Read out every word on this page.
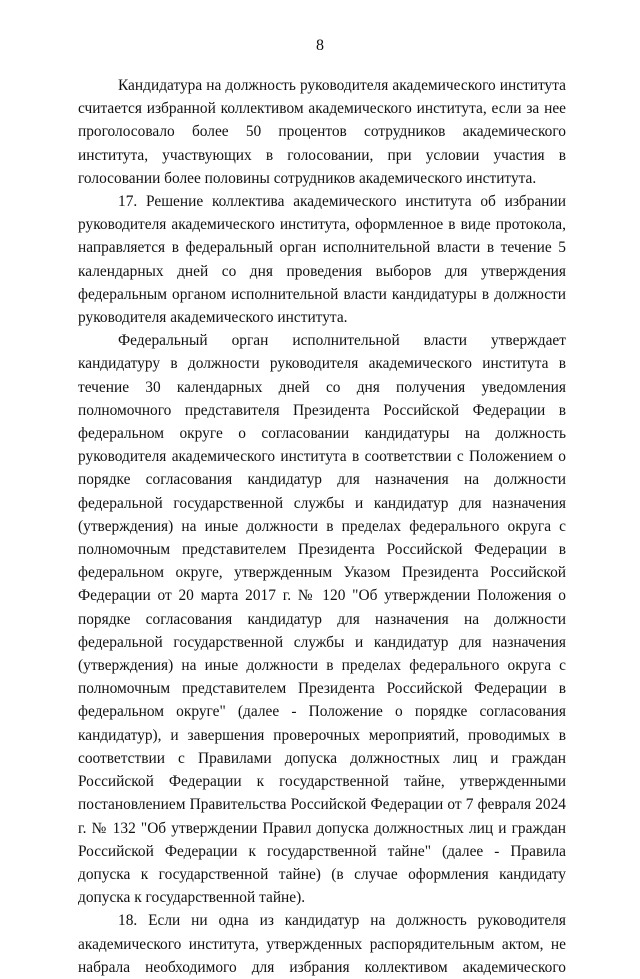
8

Кандидатура на должность руководителя академического института считается избранной коллективом академического института, если за нее проголосовало более 50 процентов сотрудников академического института, участвующих в голосовании, при условии участия в голосовании более половины сотрудников академического института.

17. Решение коллектива академического института об избрании руководителя академического института, оформленное в виде протокола, направляется в федеральный орган исполнительной власти в течение 5 календарных дней со дня проведения выборов для утверждения федеральным органом исполнительной власти кандидатуры в должности руководителя академического института.

Федеральный орган исполнительной власти утверждает кандидатуру в должности руководителя академического института в течение 30 календарных дней со дня получения уведомления полномочного представителя Президента Российской Федерации в федеральном округе о согласовании кандидатуры на должность руководителя академического института в соответствии с Положением о порядке согласования кандидатур для назначения на должности федеральной государственной службы и кандидатур для назначения (утверждения) на иные должности в пределах федерального округа с полномочным представителем Президента Российской Федерации в федеральном округе, утвержденным Указом Президента Российской Федерации от 20 марта 2017 г. № 120 "Об утверждении Положения о порядке согласования кандидатур для назначения на должности федеральной государственной службы и кандидатур для назначения (утверждения) на иные должности в пределах федерального округа с полномочным представителем Президента Российской Федерации в федеральном округе" (далее - Положение о порядке согласования кандидатур), и завершения проверочных мероприятий, проводимых в соответствии с Правилами допуска должностных лиц и граждан Российской Федерации к государственной тайне, утвержденными постановлением Правительства Российской Федерации от 7 февраля 2024 г. № 132 "Об утверждении Правил допуска должностных лиц и граждан Российской Федерации к государственной тайне" (далее - Правила допуска к государственной тайне) (в случае оформления кандидату допуска к государственной тайне).

18. Если ни одна из кандидатур на должность руководителя академического института, утвержденных распорядительным актом, не набрала необходимого для избрания коллективом академического
